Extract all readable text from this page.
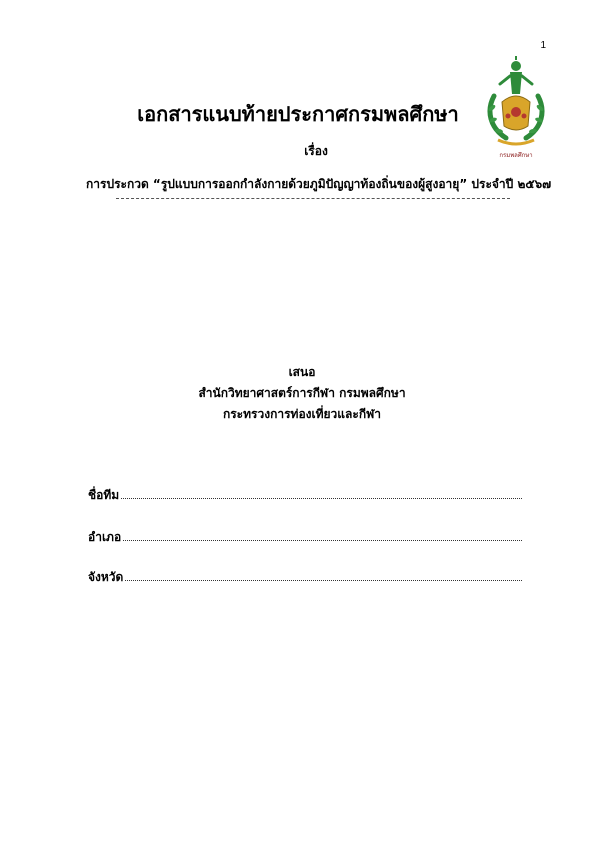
1
กรมพลศึกษา
เอกสารแนบท้ายประกาศกรมพลศึกษา
เรื่อง
การประกวด “รูปแบบการออกกำลังกายด้วยภูมิปัญญาท้องถิ่นของผู้สูงอายุ” ประจำปี ๒๕๖๗
เสนอ
สำนักวิทยาศาสตร์การกีฬา กรมพลศึกษา
กระทรวงการท่องเที่ยวและกีฬา
ชื่อทีม
อำเภอ
จังหวัด
